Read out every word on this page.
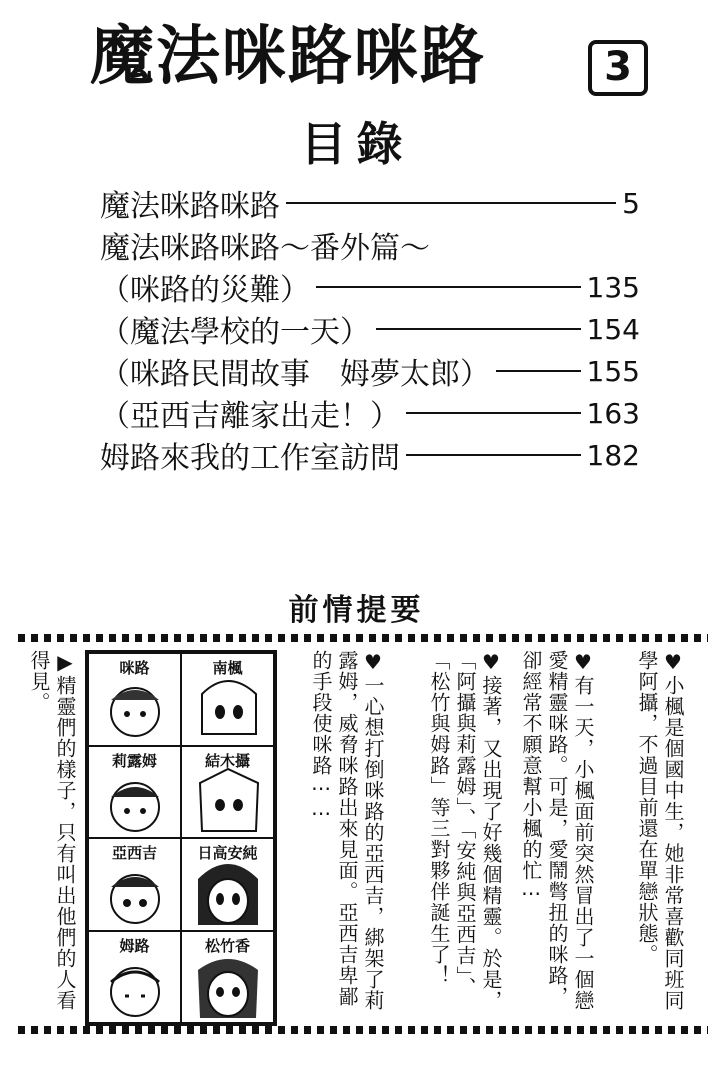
魔法咪路咪路	3
目錄
魔法咪路咪路	5
魔法咪路咪路～番外篇～
（咪路的災難）	135
（魔法學校的一天）	154
（咪路民間故事　姆夢太郎）	155
（亞西吉離家出走！）	163
姆路來我的工作室訪問	182
前情提要
▶精靈們的樣子，只有叫出他們的人看得見。	咪路	南楓
莉露姆	結木攝
亞西吉	日高安純
姆路	松竹香	♥一心想打倒咪路的亞西吉，綁架了莉露姆，威脅咪路出來見面。亞西吉卑鄙的手段使咪路⋯⋯	♥接著，又出現了好幾個精靈。於是，「阿攝與莉露姆」、「安純與亞西吉」、「松竹與姆路」等三對夥伴誕生了！	♥有一天，小楓面前突然冒出了一個戀愛精靈咪路。可是，愛鬧彆扭的咪路，卻經常不願意幫小楓的忙⋯	♥小楓是個國中生，她非常喜歡同班同學阿攝，不過目前還在單戀狀態。
